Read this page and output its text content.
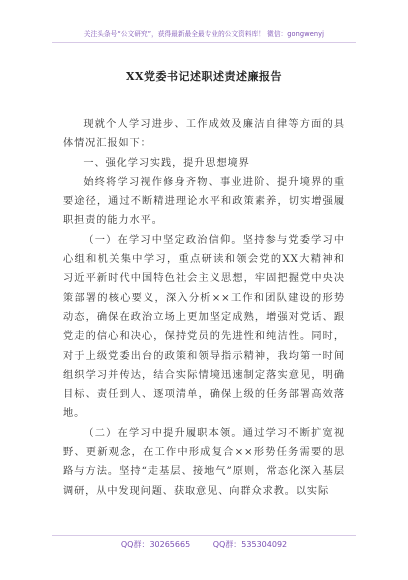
关注头条号“公文研究”，获得最新最全最专业的公文资料库！ 微信：gongwenyj
XX党委书记述职述责述廉报告

现就个人学习进步、工作成效及廉洁自律等方面的具体情况汇报如下：

一、强化学习实践，提升思想境界

始终将学习视作修身齐物、事业进阶、提升境界的重要途径，通过不断精进理论水平和政策素养，切实增强履职担责的能力水平。

（一）在学习中坚定政治信仰。坚持参与党委学习中心组和机关集中学习，重点研读和领会党的XX大精神和习近平新时代中国特色社会主义思想，牢固把握党中央决策部署的核心要义，深入分析××工作和团队建设的形势动态，确保在政治立场上更加坚定成熟，增强对党话、跟党走的信心和决心，保持党员的先进性和纯洁性。同时，对于上级党委出台的政策和领导指示精神，我均第一时间组织学习并传达，结合实际情境迅速制定落实意见，明确目标、责任到人、逐项清单，确保上级的任务部署高效落地。

（二）在学习中提升履职本领。通过学习不断扩宽视野、更新观念，在工作中形成复合××形势任务需要的思路与方法。坚持“走基层、接地气”原则，常态化深入基层调研，从中发现问题、获取意见、向群众求教。以实际

QQ群：30265665	QQ群：535304092
